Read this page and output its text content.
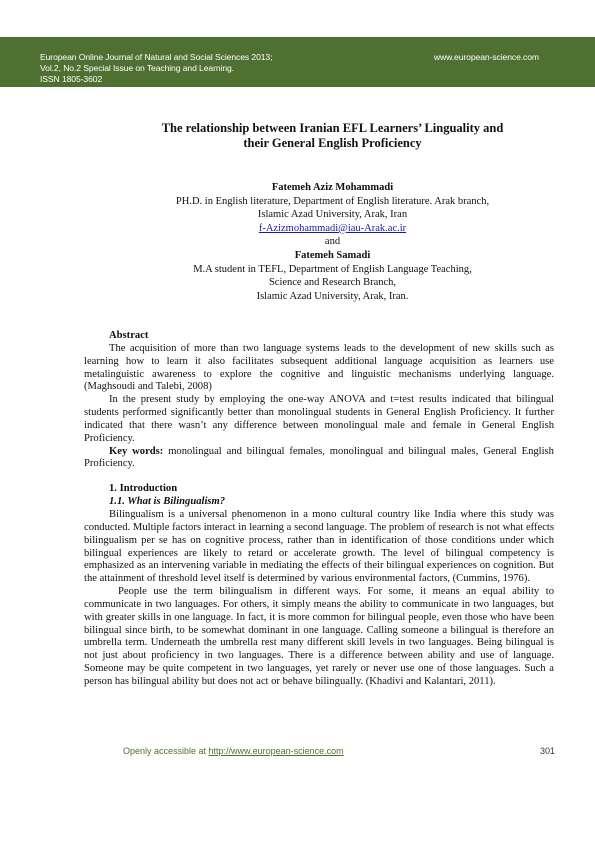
European Online Journal of Natural and Social Sciences 2013;
Vol.2, No.2 Special Issue on Teaching and Learning.
ISSN 1805-3602
www.european-science.com
The relationship between Iranian EFL Learners’ Linguality and
their General English Proficiency
Fatemeh Aziz Mohammadi
PH.D. in English literature, Department of English literature. Arak branch,
Islamic Azad University, Arak, Iran
f-Azizmohammadi@iau-Arak.ac.ir
and
Fatemeh Samadi
M.A student in TEFL, Department of English Language Teaching,
Science and Research Branch,
Islamic Azad University, Arak, Iran.

Abstract

The acquisition of more than two language systems leads to the development of new skills such as learning how to learn it also facilitates subsequent additional language acquisition as learners use metalinguistic awareness to explore the cognitive and linguistic mechanisms underlying language. (Maghsoudi and Talebi, 2008)

In the present study by employing the one-way ANOVA and t=test results indicated that bilingual students performed significantly better than monolingual students in General English Proficiency. It further indicated that there wasn’t any difference between monolingual male and female in General English Proficiency.

Key words: monolingual and bilingual females, monolingual and bilingual males, General English Proficiency.

1. Introduction

1.1. What is Bilingualism?

Bilingualism is a universal phenomenon in a mono cultural country like India where this study was conducted. Multiple factors interact in learning a second language. The problem of research is not what effects bilingualism per se has on cognitive process, rather than in identification of those conditions under which bilingual experiences are likely to retard or accelerate growth. The level of bilingual competency is emphasized as an intervening variable in mediating the effects of their bilingual experiences on cognition. But the attainment of threshold level itself is determined by various environmental factors, (Cummins, 1976).

People use the term bilingualism in different ways. For some, it means an equal ability to communicate in two languages. For others, it simply means the ability to communicate in two languages, but with greater skills in one language. In fact, it is more common for bilingual people, even those who have been bilingual since birth, to be somewhat dominant in one language. Calling someone a bilingual is therefore an umbrella term. Underneath the umbrella rest many different skill levels in two languages. Being bilingual is not just about proficiency in two languages. There is a difference between ability and use of language. Someone may be quite competent in two languages, yet rarely or never use one of those languages. Such a person has bilingual ability but does not act or behave bilingually. (Khadivi and Kalantari, 2011).

Openly accessible at http://www.european-science.com	301
